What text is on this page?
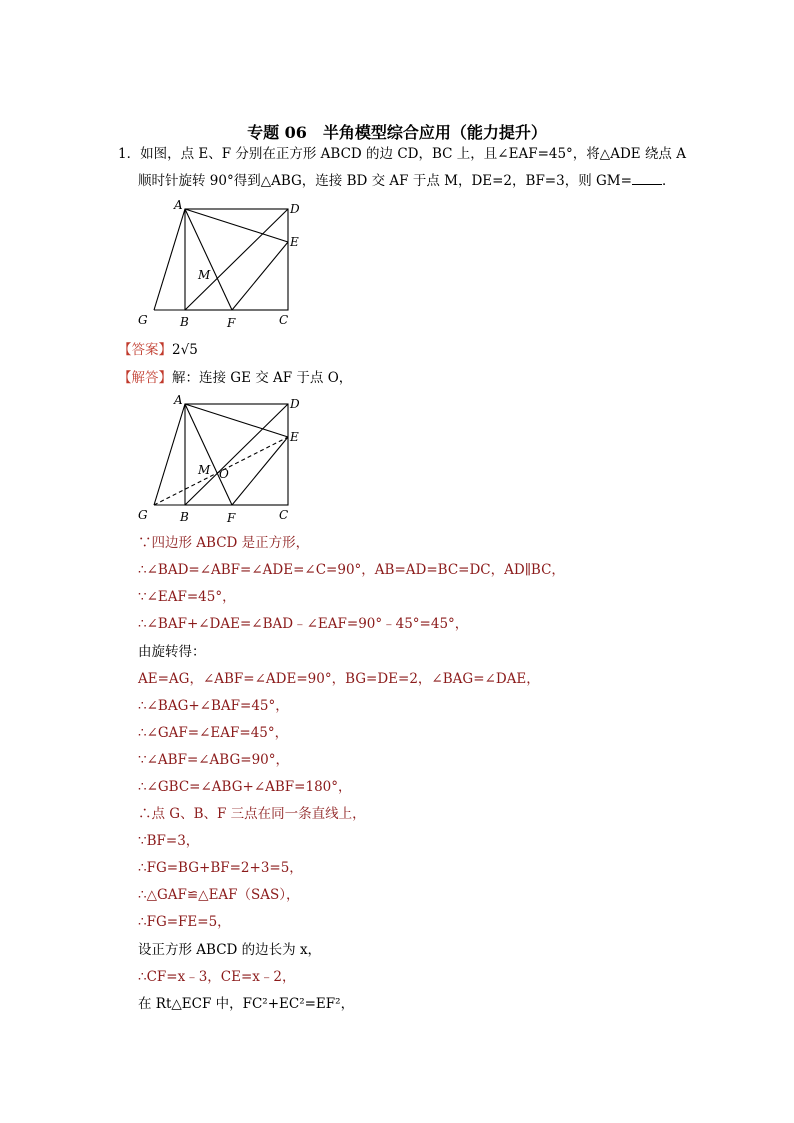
专题 06　半角模型综合应用（能力提升）
1．如图，点 E、F 分别在正方形 ABCD 的边 CD，BC 上，且∠EAF=45°，将△ADE 绕点 A
顺时针旋转 90°得到△ABG，连接 BD 交 AF 于点 M，DE=2，BF=3，则 GM= ．
A	D
E
M
G	B	F	C
【答案】2√5
【解答】解：连接 GE 交 AF 于点 O，
A	D
E
M O
G	B	F	C
∵四边形 ABCD 是正方形，
∴∠BAD=∠ABF=∠ADE=∠C=90°，AB=AD=BC=DC，AD∥BC，
∵∠EAF=45°，
∴∠BAF+∠DAE=∠BAD﹣∠EAF=90°﹣45°=45°，
由旋转得：
AE=AG，∠ABF=∠ADE=90°，BG=DE=2，∠BAG=∠DAE，
∴∠BAG+∠BAF=45°，
∴∠GAF=∠EAF=45°，
∵∠ABF=∠ABG=90°，
∴∠GBC=∠ABG+∠ABF=180°，
∴点 G、B、F 三点在同一条直线上，
∵BF=3，
∴FG=BG+BF=2+3=5，
∴△GAF≌△EAF（SAS），
∴FG=FE=5，
设正方形 ABCD 的边长为 x，
∴CF=x﹣3，CE=x﹣2，
在 Rt△ECF 中，FC²+EC²=EF²，
